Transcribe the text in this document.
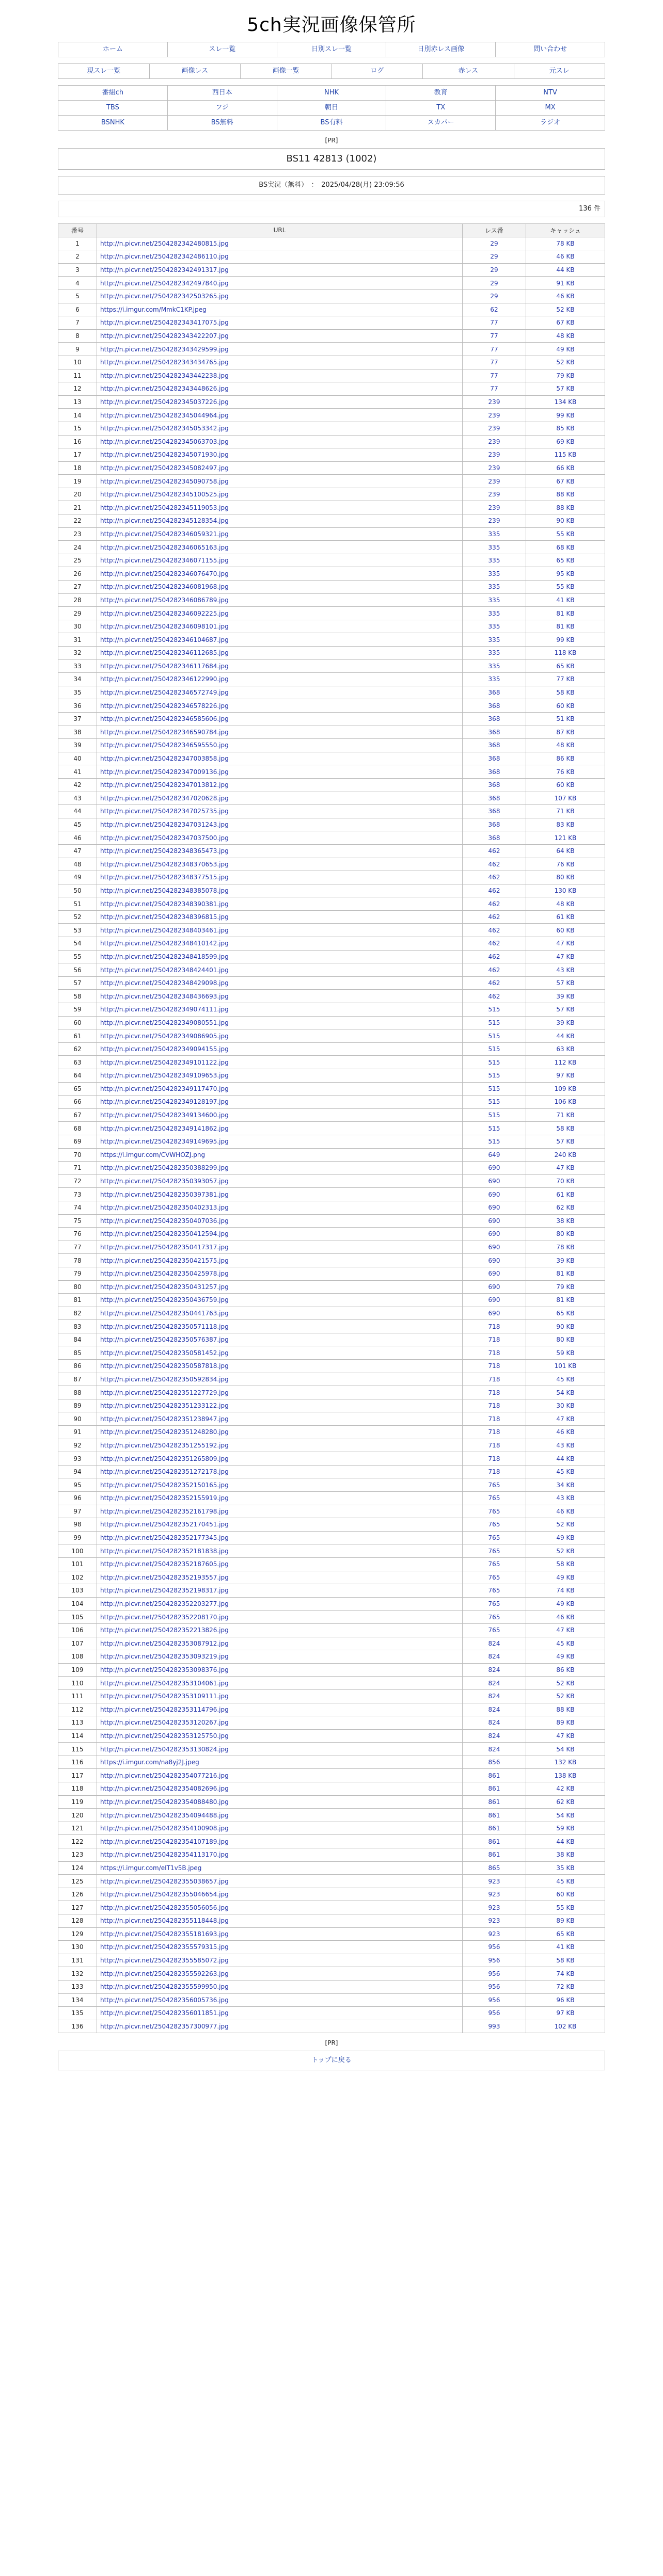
5ch実況画像保管所
ホーム	スレ一覧	日別スレ一覧	日別赤レス画像	問い合わせ
現スレ一覧	画像レス	画像一覧	ログ	赤レス	元スレ
番組ch	西日本	NHK	教育	NTV
TBS	フジ	朝日	TX	MX
BSNHK	BS無料	BS有料	スカパー	ラジオ
[PR]
BS11 42813 (1002)
BS実況（無料）　：　2025/04/28(月) 23:09:56
136 件
番号	URL	レス番	キャッシュ
1	http://n.picvr.net/2504282342480815.jpg	29	78 KB
2	http://n.picvr.net/2504282342486110.jpg	29	46 KB
3	http://n.picvr.net/2504282342491317.jpg	29	44 KB
4	http://n.picvr.net/2504282342497840.jpg	29	91 KB
5	http://n.picvr.net/2504282342503265.jpg	29	46 KB
6	https://i.imgur.com/MmkC1KP.jpeg	62	52 KB
7	http://n.picvr.net/2504282343417075.jpg	77	67 KB
8	http://n.picvr.net/2504282343422207.jpg	77	48 KB
9	http://n.picvr.net/2504282343429599.jpg	77	49 KB
10	http://n.picvr.net/2504282343434765.jpg	77	52 KB
11	http://n.picvr.net/2504282343442238.jpg	77	79 KB
12	http://n.picvr.net/2504282343448626.jpg	77	57 KB
13	http://n.picvr.net/2504282345037226.jpg	239	134 KB
14	http://n.picvr.net/2504282345044964.jpg	239	99 KB
15	http://n.picvr.net/2504282345053342.jpg	239	85 KB
16	http://n.picvr.net/2504282345063703.jpg	239	69 KB
17	http://n.picvr.net/2504282345071930.jpg	239	115 KB
18	http://n.picvr.net/2504282345082497.jpg	239	66 KB
19	http://n.picvr.net/2504282345090758.jpg	239	67 KB
20	http://n.picvr.net/2504282345100525.jpg	239	88 KB
21	http://n.picvr.net/2504282345119053.jpg	239	88 KB
22	http://n.picvr.net/2504282345128354.jpg	239	90 KB
23	http://n.picvr.net/2504282346059321.jpg	335	55 KB
24	http://n.picvr.net/2504282346065163.jpg	335	68 KB
25	http://n.picvr.net/2504282346071155.jpg	335	65 KB
26	http://n.picvr.net/2504282346076470.jpg	335	95 KB
27	http://n.picvr.net/2504282346081968.jpg	335	55 KB
28	http://n.picvr.net/2504282346086789.jpg	335	41 KB
29	http://n.picvr.net/2504282346092225.jpg	335	81 KB
30	http://n.picvr.net/2504282346098101.jpg	335	81 KB
31	http://n.picvr.net/2504282346104687.jpg	335	99 KB
32	http://n.picvr.net/2504282346112685.jpg	335	118 KB
33	http://n.picvr.net/2504282346117684.jpg	335	65 KB
34	http://n.picvr.net/2504282346122990.jpg	335	77 KB
35	http://n.picvr.net/2504282346572749.jpg	368	58 KB
36	http://n.picvr.net/2504282346578226.jpg	368	60 KB
37	http://n.picvr.net/2504282346585606.jpg	368	51 KB
38	http://n.picvr.net/2504282346590784.jpg	368	87 KB
39	http://n.picvr.net/2504282346595550.jpg	368	48 KB
40	http://n.picvr.net/2504282347003858.jpg	368	86 KB
41	http://n.picvr.net/2504282347009136.jpg	368	76 KB
42	http://n.picvr.net/2504282347013812.jpg	368	60 KB
43	http://n.picvr.net/2504282347020628.jpg	368	107 KB
44	http://n.picvr.net/2504282347025735.jpg	368	71 KB
45	http://n.picvr.net/2504282347031243.jpg	368	83 KB
46	http://n.picvr.net/2504282347037500.jpg	368	121 KB
47	http://n.picvr.net/2504282348365473.jpg	462	64 KB
48	http://n.picvr.net/2504282348370653.jpg	462	76 KB
49	http://n.picvr.net/2504282348377515.jpg	462	80 KB
50	http://n.picvr.net/2504282348385078.jpg	462	130 KB
51	http://n.picvr.net/2504282348390381.jpg	462	48 KB
52	http://n.picvr.net/2504282348396815.jpg	462	61 KB
53	http://n.picvr.net/2504282348403461.jpg	462	60 KB
54	http://n.picvr.net/2504282348410142.jpg	462	47 KB
55	http://n.picvr.net/2504282348418599.jpg	462	47 KB
56	http://n.picvr.net/2504282348424401.jpg	462	43 KB
57	http://n.picvr.net/2504282348429098.jpg	462	57 KB
58	http://n.picvr.net/2504282348436693.jpg	462	39 KB
59	http://n.picvr.net/2504282349074111.jpg	515	57 KB
60	http://n.picvr.net/2504282349080551.jpg	515	39 KB
61	http://n.picvr.net/2504282349086905.jpg	515	44 KB
62	http://n.picvr.net/2504282349094155.jpg	515	63 KB
63	http://n.picvr.net/2504282349101122.jpg	515	112 KB
64	http://n.picvr.net/2504282349109653.jpg	515	97 KB
65	http://n.picvr.net/2504282349117470.jpg	515	109 KB
66	http://n.picvr.net/2504282349128197.jpg	515	106 KB
67	http://n.picvr.net/2504282349134600.jpg	515	71 KB
68	http://n.picvr.net/2504282349141862.jpg	515	58 KB
69	http://n.picvr.net/2504282349149695.jpg	515	57 KB
70	https://i.imgur.com/CVWHOZJ.png	649	240 KB
71	http://n.picvr.net/2504282350388299.jpg	690	47 KB
72	http://n.picvr.net/2504282350393057.jpg	690	70 KB
73	http://n.picvr.net/2504282350397381.jpg	690	61 KB
74	http://n.picvr.net/2504282350402313.jpg	690	62 KB
75	http://n.picvr.net/2504282350407036.jpg	690	38 KB
76	http://n.picvr.net/2504282350412594.jpg	690	80 KB
77	http://n.picvr.net/2504282350417317.jpg	690	78 KB
78	http://n.picvr.net/2504282350421575.jpg	690	39 KB
79	http://n.picvr.net/2504282350425978.jpg	690	81 KB
80	http://n.picvr.net/2504282350431257.jpg	690	79 KB
81	http://n.picvr.net/2504282350436759.jpg	690	81 KB
82	http://n.picvr.net/2504282350441763.jpg	690	65 KB
83	http://n.picvr.net/2504282350571118.jpg	718	90 KB
84	http://n.picvr.net/2504282350576387.jpg	718	80 KB
85	http://n.picvr.net/2504282350581452.jpg	718	59 KB
86	http://n.picvr.net/2504282350587818.jpg	718	101 KB
87	http://n.picvr.net/2504282350592834.jpg	718	45 KB
88	http://n.picvr.net/2504282351227729.jpg	718	54 KB
89	http://n.picvr.net/2504282351233122.jpg	718	30 KB
90	http://n.picvr.net/2504282351238947.jpg	718	47 KB
91	http://n.picvr.net/2504282351248280.jpg	718	46 KB
92	http://n.picvr.net/2504282351255192.jpg	718	43 KB
93	http://n.picvr.net/2504282351265809.jpg	718	44 KB
94	http://n.picvr.net/2504282351272178.jpg	718	45 KB
95	http://n.picvr.net/2504282352150165.jpg	765	34 KB
96	http://n.picvr.net/2504282352155919.jpg	765	43 KB
97	http://n.picvr.net/2504282352161798.jpg	765	46 KB
98	http://n.picvr.net/2504282352170451.jpg	765	52 KB
99	http://n.picvr.net/2504282352177345.jpg	765	49 KB
100	http://n.picvr.net/2504282352181838.jpg	765	52 KB
101	http://n.picvr.net/2504282352187605.jpg	765	58 KB
102	http://n.picvr.net/2504282352193557.jpg	765	49 KB
103	http://n.picvr.net/2504282352198317.jpg	765	74 KB
104	http://n.picvr.net/2504282352203277.jpg	765	49 KB
105	http://n.picvr.net/2504282352208170.jpg	765	46 KB
106	http://n.picvr.net/2504282352213826.jpg	765	47 KB
107	http://n.picvr.net/2504282353087912.jpg	824	45 KB
108	http://n.picvr.net/2504282353093219.jpg	824	49 KB
109	http://n.picvr.net/2504282353098376.jpg	824	86 KB
110	http://n.picvr.net/2504282353104061.jpg	824	52 KB
111	http://n.picvr.net/2504282353109111.jpg	824	52 KB
112	http://n.picvr.net/2504282353114796.jpg	824	88 KB
113	http://n.picvr.net/2504282353120267.jpg	824	89 KB
114	http://n.picvr.net/2504282353125750.jpg	824	47 KB
115	http://n.picvr.net/2504282353130824.jpg	824	54 KB
116	https://i.imgur.com/na8yj2J.jpeg	856	132 KB
117	http://n.picvr.net/2504282354077216.jpg	861	138 KB
118	http://n.picvr.net/2504282354082696.jpg	861	42 KB
119	http://n.picvr.net/2504282354088480.jpg	861	62 KB
120	http://n.picvr.net/2504282354094488.jpg	861	54 KB
121	http://n.picvr.net/2504282354100908.jpg	861	59 KB
122	http://n.picvr.net/2504282354107189.jpg	861	44 KB
123	http://n.picvr.net/2504282354113170.jpg	861	38 KB
124	https://i.imgur.com/eIT1v5B.jpeg	865	35 KB
125	http://n.picvr.net/2504282355038657.jpg	923	45 KB
126	http://n.picvr.net/2504282355046654.jpg	923	60 KB
127	http://n.picvr.net/2504282355056056.jpg	923	55 KB
128	http://n.picvr.net/2504282355118448.jpg	923	89 KB
129	http://n.picvr.net/2504282355181693.jpg	923	65 KB
130	http://n.picvr.net/2504282355579315.jpg	956	41 KB
131	http://n.picvr.net/2504282355585072.jpg	956	58 KB
132	http://n.picvr.net/2504282355592263.jpg	956	74 KB
133	http://n.picvr.net/2504282355599950.jpg	956	72 KB
134	http://n.picvr.net/2504282356005736.jpg	956	96 KB
135	http://n.picvr.net/2504282356011851.jpg	956	97 KB
136	http://n.picvr.net/2504282357300977.jpg	993	102 KB
[PR]
トップに戻る
